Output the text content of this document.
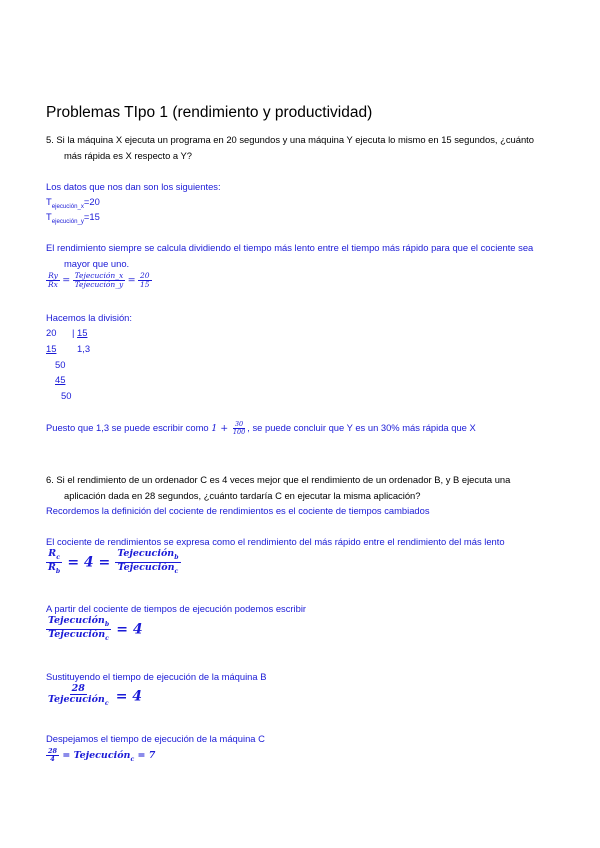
Problemas TIpo 1 (rendimiento y productividad)
5. Si la máquina X ejecuta un programa en 20 segundos y una máquina Y ejecuta lo mismo en 15 segundos, ¿cuánto
más rápida es X respecto a Y?
Los datos que nos dan son los siguientes:
$T_{ejecución\_x}=20$
$T_{ejecución\_y}=15$
El rendimiento siempre se calcula dividiendo el tiempo más lento entre el tiempo más rápido para que el cociente sea
mayor que uno.
$\frac{Ry}{Rx} = \frac{\text{Tejecución\_x}}{\text{Tejecución\_y}} = \frac{20}{15}$
Hacemos la división:
20 | 15
15 1,3
50
45
50
Puesto que 1,3 se puede escribir como $1 + \frac{30}{100}$ , se puede concluir que Y es un 30% más rápida que X
6. Si el rendimiento de un ordenador C es 4 veces mejor que el rendimiento de un ordenador B, y B ejecuta una
aplicación dada en 28 segundos, ¿cuánto tardaría C en ejecutar la misma aplicación?
Recordemos la definición del cociente de rendimientos es el cociente de tiempos cambiados
El cociente de rendimientos se expresa como el rendimiento del más rápido entre el rendimiento del más lento
$\frac{R_c}{R_b} = 4 = \frac{Tejecución_b}{Tejecución_c}$
A partir del cociente de tiempos de ejecución podemos escribir
$\frac{Tejecución_b}{Tejecución_c} = 4$
Sustituyendo el tiempo de ejecución de la máquina B
$\frac{28}{Tejecución_c} = 4$
Despejamos el tiempo de ejecución de la máquina C
$\frac{28}{4}$ = Tejecución$_c$ = 7
